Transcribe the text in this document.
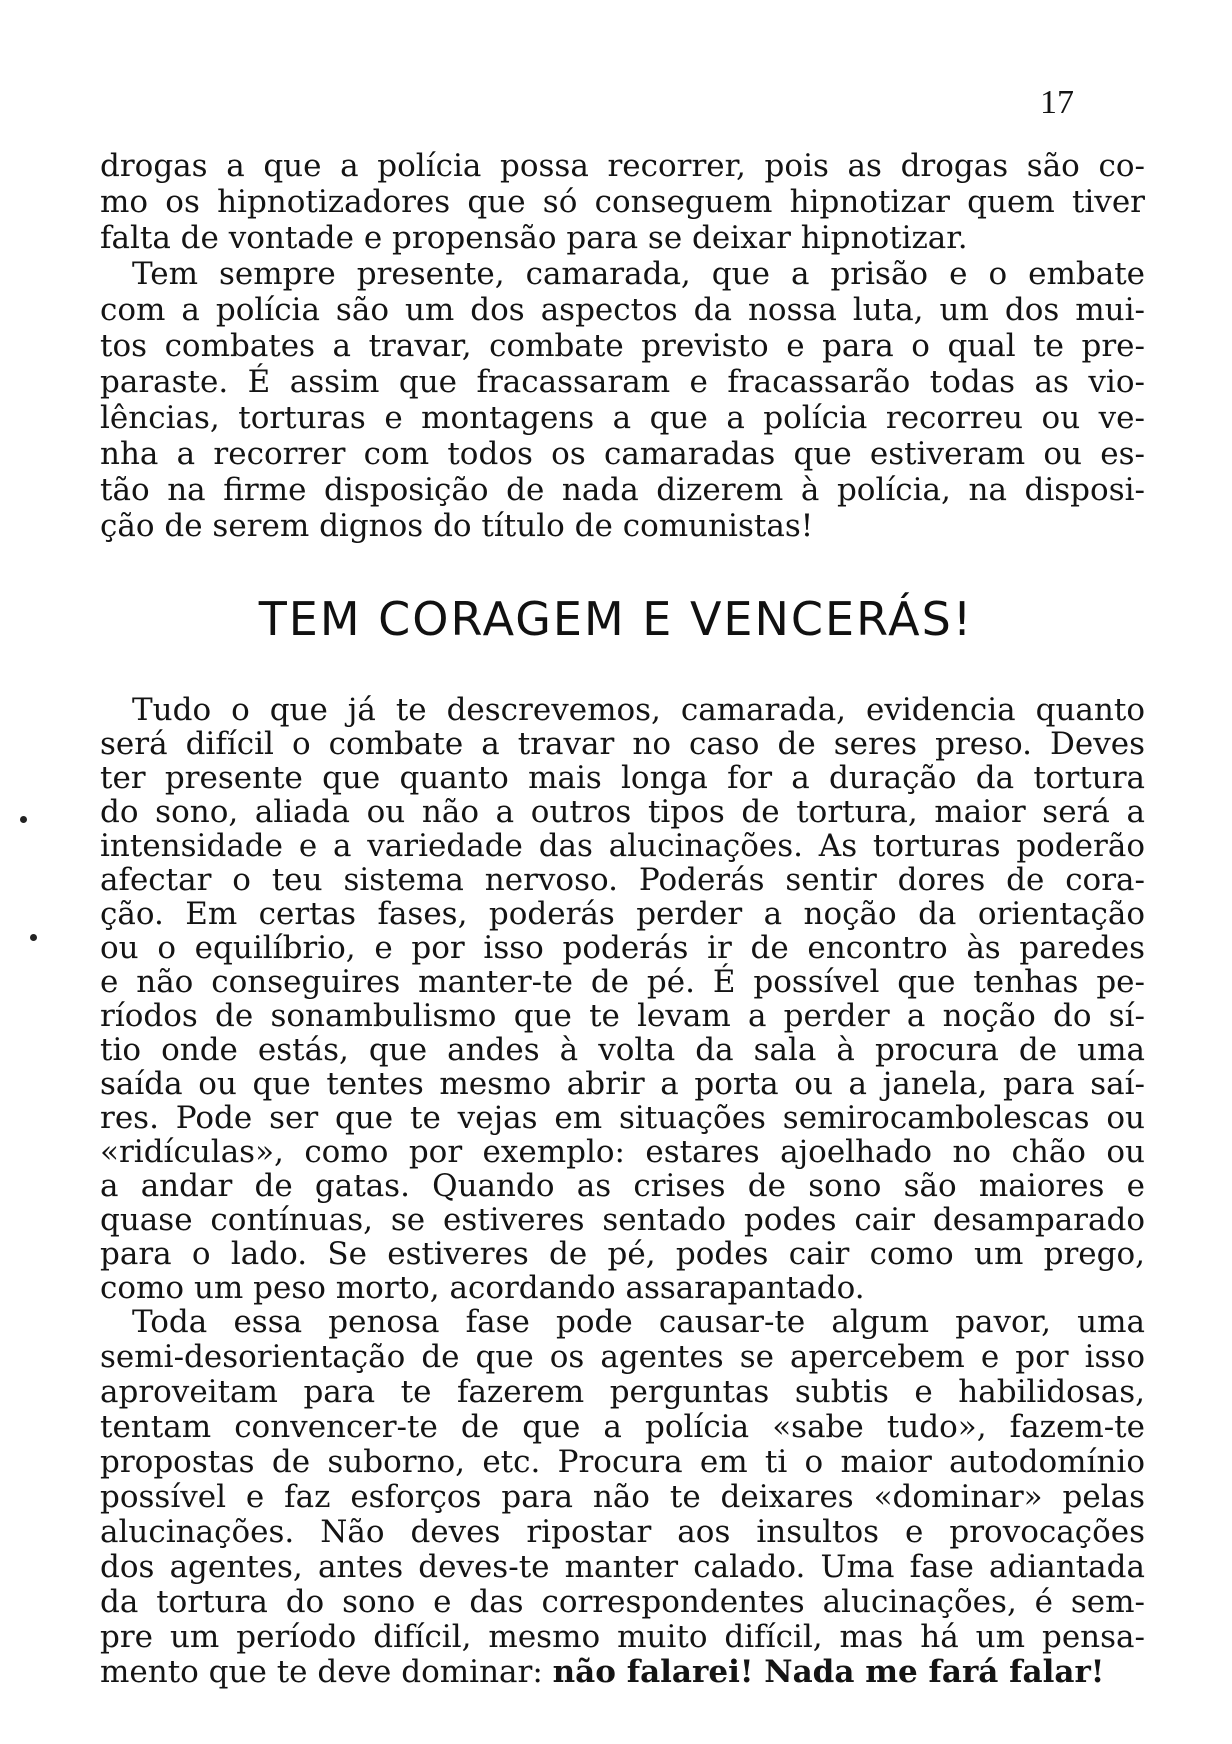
17
drogas a que a polícia possa recorrer, pois as drogas são co-
mo os hipnotizadores que só conseguem hipnotizar quem tiver
falta de vontade e propensão para se deixar hipnotizar.
Tem sempre presente, camarada, que a prisão e o embate
com a polícia são um dos aspectos da nossa luta, um dos mui-
tos combates a travar, combate previsto e para o qual te pre-
paraste. É assim que fracassaram e fracassarão todas as vio-
lências, torturas e montagens a que a polícia recorreu ou ve-
nha a recorrer com todos os camaradas que estiveram ou es-
tão na firme disposição de nada dizerem à polícia, na disposi-
ção de serem dignos do título de comunistas!
TEM CORAGEM E VENCERÁS!
Tudo o que já te descrevemos, camarada, evidencia quanto
será difícil o combate a travar no caso de seres preso. Deves
ter presente que quanto mais longa for a duração da tortura
do sono, aliada ou não a outros tipos de tortura, maior será a
intensidade e a variedade das alucinações. As torturas poderão
afectar o teu sistema nervoso. Poderás sentir dores de cora-
ção. Em certas fases, poderás perder a noção da orientação
ou o equilíbrio, e por isso poderás ir de encontro às paredes
e não conseguires manter-te de pé. É possível que tenhas pe-
ríodos de sonambulismo que te levam a perder a noção do sí-
tio onde estás, que andes à volta da sala à procura de uma
saída ou que tentes mesmo abrir a porta ou a janela, para saí-
res. Pode ser que te vejas em situações semirocambolescas ou
«ridículas», como por exemplo: estares ajoelhado no chão ou
a andar de gatas. Quando as crises de sono são maiores e
quase contínuas, se estiveres sentado podes cair desamparado
para o lado. Se estiveres de pé, podes cair como um prego,
como um peso morto, acordando assarapantado.
Toda essa penosa fase pode causar-te algum pavor, uma
semi-desorientação de que os agentes se apercebem e por isso
aproveitam para te fazerem perguntas subtis e habilidosas,
tentam convencer-te de que a polícia «sabe tudo», fazem-te
propostas de suborno, etc. Procura em ti o maior autodomínio
possível e faz esforços para não te deixares «dominar» pelas
alucinações. Não deves ripostar aos insultos e provocações
dos agentes, antes deves-te manter calado. Uma fase adiantada
da tortura do sono e das correspondentes alucinações, é sem-
pre um período difícil, mesmo muito difícil, mas há um pensa-
mento que te deve dominar: não falarei! Nada me fará falar!
